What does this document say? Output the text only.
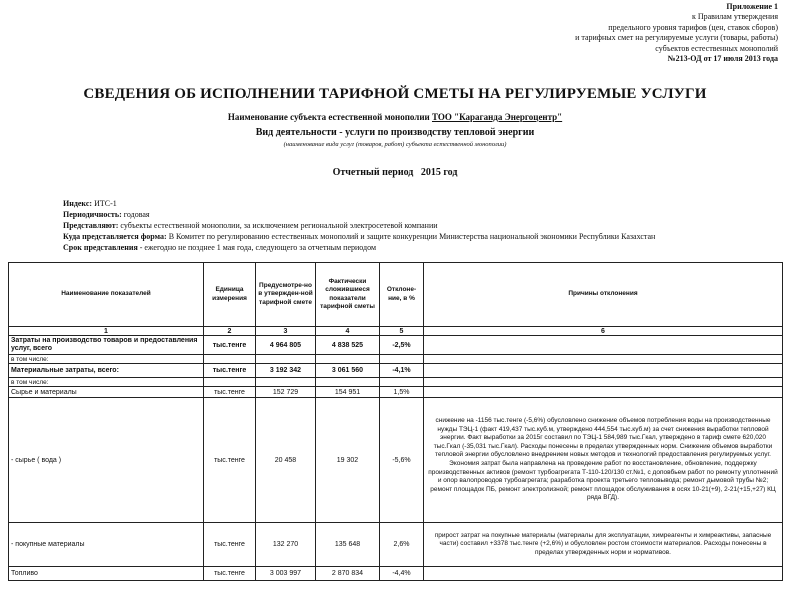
Приложение 1
к Правилам утверждения
предельного уровня тарифов (цен, ставок сборов)
и тарифных смет на регулируемые услуги (товары, работы)
субъектов естественных монополий
№213-ОД от 17 июля 2013 года
СВЕДЕНИЯ ОБ ИСПОЛНЕНИИ ТАРИФНОЙ СМЕТЫ НА РЕГУЛИРУЕМЫЕ УСЛУГИ
Наименование субъекта естественной монополии ТОО "Караганда Энергоцентр"
Вид деятельности - услуги по производству тепловой энергии
(наименование вида услуг (товаров, работ) субъекта естественной монополии)
Отчетный период 2015 год
Индекс: ИТС-1
Периодичность: годовая
Представляют: субъекты естественной монополии, за исключением региональной электросетевой компании
Куда представляется форма: В Комитет по регулированию естественных монополий и защите конкуренции Министерства национальной экономики Республики Казахстан
Срок представления - ежегодно не позднее 1 мая года, следующего за отчетным периодом
Наименование показателей	Единица измерения	Предусмотре-но в утвержден-ной тарифной смете	Фактически сложившиеся показатели тарифной сметы	Отклоне-ние, в %	Причины отклонения
1	2	3	4	5	6
Затраты на производство товаров и предоставления услуг, всего	тыс.тенге	4 964 805	4 838 525	-2,5%	
в том числе:					
Материальные затраты, всего:	тыс.тенге	3 192 342	3 061 560	-4,1%	
в том числе:					
Сырье и материалы	тыс.тенге	152 729	154 951	1,5%	
- сырье ( вода )	тыс.тенге	20 458	19 302	-5,6%	снижение на -1156 тыс.тенге (-5,6%) обусловлено снижение объемов потребления воды на производственные нужды ТЭЦ-1 (факт 419,437 тыс.куб.м, утверждено 444,554 тыс.куб.м) за счет снижения выработки тепловой энергии. Факт выработки за 2015г составил по ТЭЦ-1 584,989 тыс.Гкал, утверждено в тариф смете 620,020 тыс.Гкал (-35,031 тыс.Гкал). Расходы понесены в пределах утвержденных норм. Снижение объемов выработки тепловой энергии обусловлено внедрением новых методов и технологий предоставления регулируемых услуг. Экономия затрат была направлена на проведение работ по восстановление, обновление, поддержку производственных активов (ремонт турбоагрегата Т-110-120/130 ст.№1, с доповбьем работ по ремонту уплотнений и опор валопроводов турбоагрегата; разработка проекта третьего тепловывода; ремонт дымовой трубы №2; ремонт площадок ПБ, ремонт электролизной; ремонт площадок обслуживания в осях 10-21(+9), 2-21(+15,+27) КЦ ряда ВГД).
- покупные материалы	тыс.тенге	132 270	135 648	2,6%	прирост затрат на покупные материалы (материалы для эксплуатации, химреагенты и химреактивы, запасные части) составил +3378 тыс.тенге (+2,6%) и обусловлен ростом стоимости материалов. Расходы понесены в пределах утвержденных норм и нормативов.
Топливо	тыс.тенге	3 003 997	2 870 834	-4,4%	
